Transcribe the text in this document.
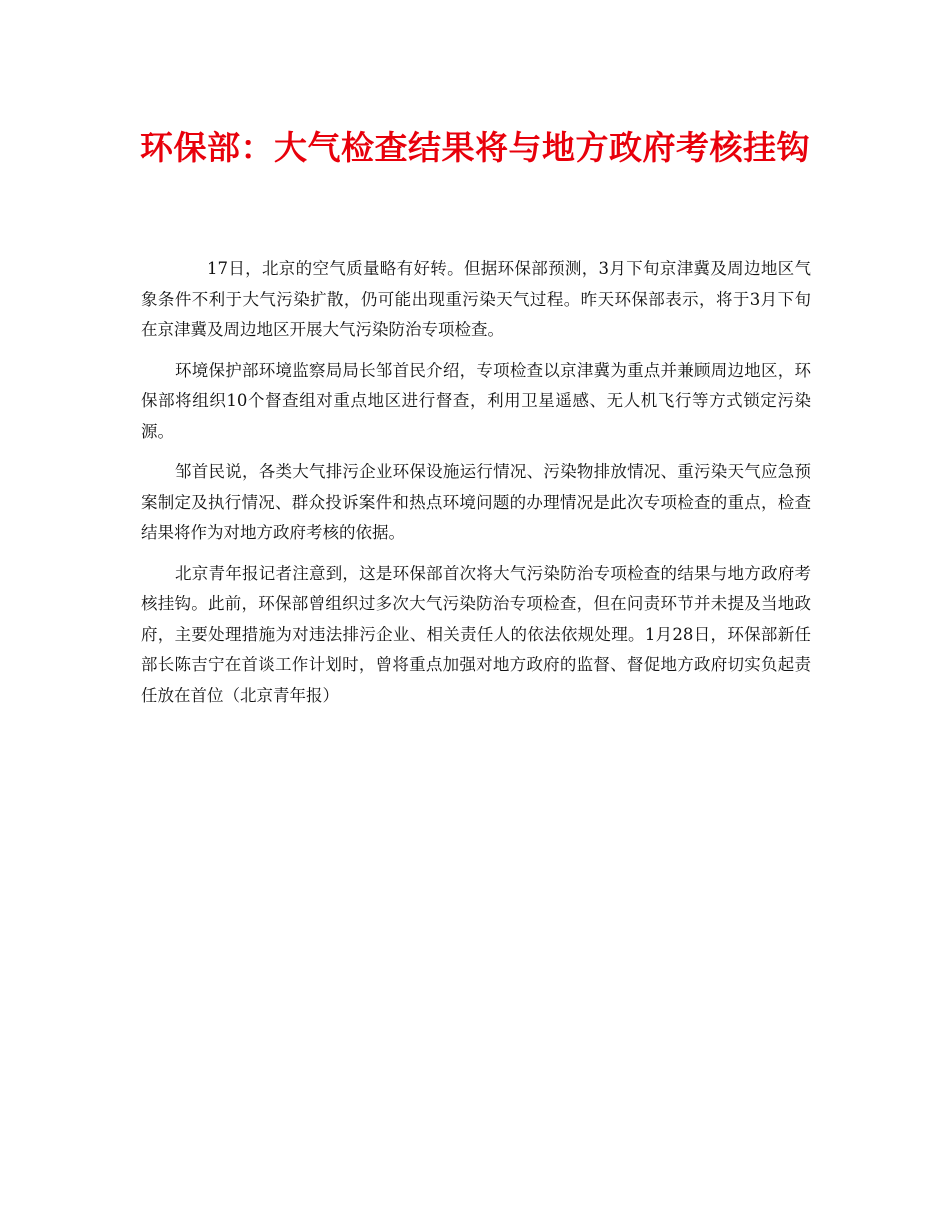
环保部：大气检查结果将与地方政府考核挂钩

17日，北京的空气质量略有好转。但据环保部预测，3月下旬京津冀及周边地区气象条件不利于大气污染扩散，仍可能出现重污染天气过程。昨天环保部表示，将于3月下旬在京津冀及周边地区开展大气污染防治专项检查。

环境保护部环境监察局局长邹首民介绍，专项检查以京津冀为重点并兼顾周边地区，环保部将组织10个督查组对重点地区进行督查，利用卫星遥感、无人机飞行等方式锁定污染源。

邹首民说，各类大气排污企业环保设施运行情况、污染物排放情况、重污染天气应急预案制定及执行情况、群众投诉案件和热点环境问题的办理情况是此次专项检查的重点，检查结果将作为对地方政府考核的依据。

北京青年报记者注意到，这是环保部首次将大气污染防治专项检查的结果与地方政府考核挂钩。此前，环保部曾组织过多次大气污染防治专项检查，但在问责环节并未提及当地政府，主要处理措施为对违法排污企业、相关责任人的依法依规处理。1月28日，环保部新任部长陈吉宁在首谈工作计划时，曾将重点加强对地方政府的监督、督促地方政府切实负起责任放在首位（北京青年报）
